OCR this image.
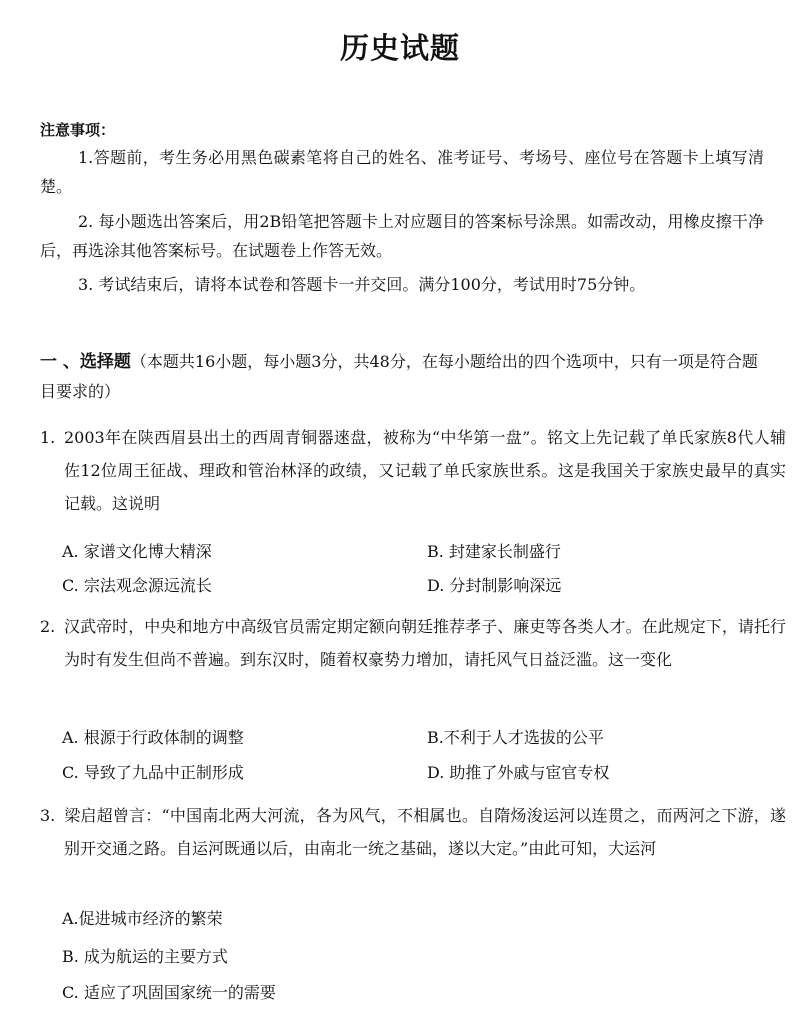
历史试题
注意事项：
1.答题前，考生务必用黑色碳素笔将自己的姓名、准考证号、考场号、座位号在答题卡上填写清楚。
2. 每小题选出答案后，用2B铅笔把答题卡上对应题目的答案标号涂黑。如需改动，用橡皮擦干净后，再选涂其他答案标号。在试题卷上作答无效。
3. 考试结束后，请将本试卷和答题卡一并交回。满分100分，考试用时75分钟。
一 、选择题（本题共16小题，每小题3分，共48分，在每小题给出的四个选项中，只有一项是符合题目要求的）
1. 2003年在陕西眉县出土的西周青铜器逨盘，被称为“中华第一盘”。铭文上先记载了单氏家族8代人辅佐12位周王征战、理政和管治林泽的政绩，又记载了单氏家族世系。这是我国关于家族史最早的真实记载。这说明
A. 家谱文化博大精深	B. 封建家长制盛行
C. 宗法观念源远流长	D. 分封制影响深远
2. 汉武帝时，中央和地方中高级官员需定期定额向朝廷推荐孝子、廉吏等各类人才。在此规定下，请托行为时有发生但尚不普遍。到东汉时，随着权豪势力增加，请托风气日益泛滥。这一变化
A. 根源于行政体制的调整	B.不利于人才选拔的公平
C. 导致了九品中正制形成	D. 助推了外戚与宦官专权
3. 梁启超曾言：“中国南北两大河流，各为风气，不相属也。自隋炀浚运河以连贯之，而两河之下游，遂别开交通之路。自运河既通以后，由南北一统之基础，遂以大定。”由此可知，大运河
A.促进城市经济的繁荣
B. 成为航运的主要方式
C. 适应了巩固国家统一的需要
